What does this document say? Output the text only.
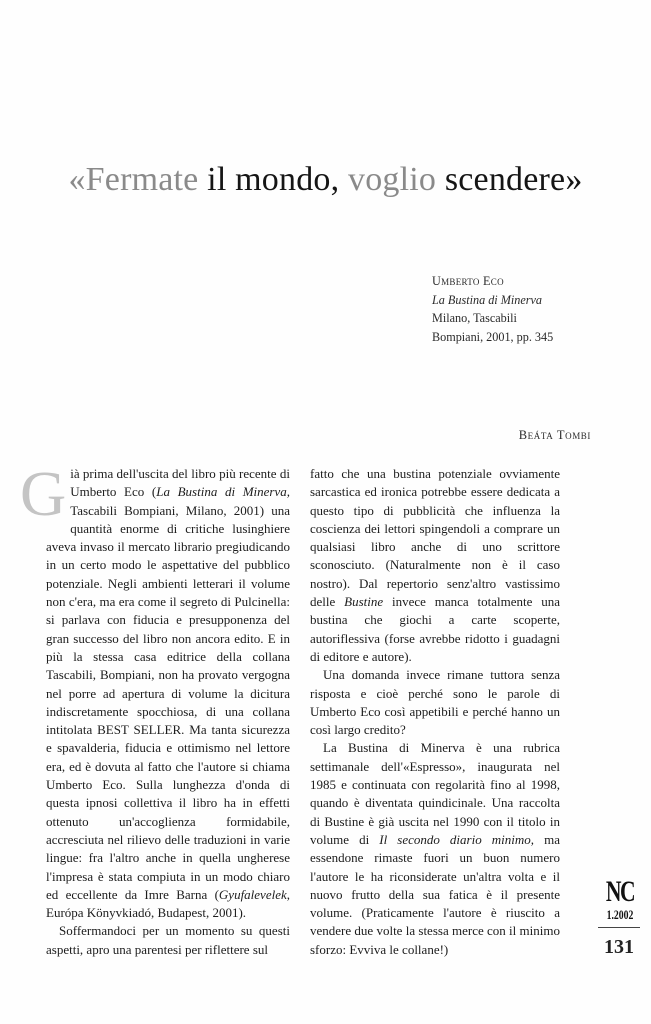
«Fermate il mondo, voglio scendere»
Umberto Eco
La Bustina di Minerva
Milano, Tascabili
Bompiani, 2001, pp. 345
Beáta Tombi

Già prima dell'uscita del libro più recente di Umberto Eco (La Bustina di Minerva, Tascabili Bompiani, Milano, 2001) una quantità enorme di critiche lusinghiere aveva invaso il mercato librario pregiudicando in un certo modo le aspettative del pubblico potenziale. Negli ambienti letterari il volume non c'era, ma era come il segreto di Pulcinella: si parlava con fiducia e presupponenza del gran successo del libro non ancora edito. E in più la stessa casa editrice della collana Tascabili, Bompiani, non ha provato vergogna nel porre ad apertura di volume la dicitura indiscretamente spocchiosa, di una collana intitolata BEST SELLER. Ma tanta sicurezza e spavalderia, fiducia e ottimismo nel lettore era, ed è dovuta al fatto che l'autore si chiama Umberto Eco. Sulla lunghezza d'onda di questa ipnosi collettiva il libro ha in effetti ottenuto un'accoglienza formidabile, accresciuta nel rilievo delle traduzioni in varie lingue: fra l'altro anche in quella ungherese l'impresa è stata compiuta in un modo chiaro ed eccellente da Imre Barna (Gyufalevelek, Európa Könyvkiadó, Budapest, 2001).

Soffermandoci per un momento su questi aspetti, apro una parentesi per riflettere sul

fatto che una bustina potenziale ovviamente sarcastica ed ironica potrebbe essere dedicata a questo tipo di pubblicità che influenza la coscienza dei lettori spingendoli a comprare un qualsiasi libro anche di uno scrittore sconosciuto. (Naturalmente non è il caso nostro). Dal repertorio senz'altro vastissimo delle Bustine invece manca totalmente una bustina che giochi a carte scoperte, autoriflessiva (forse avrebbe ridotto i guadagni di editore e autore).

Una domanda invece rimane tuttora senza risposta e cioè perché sono le parole di Umberto Eco così appetibili e perché hanno un così largo credito?

La Bustina di Minerva è una rubrica settimanale dell'«Espresso», inaugurata nel 1985 e continuata con regolarità fino al 1998, quando è diventata quindicinale. Una raccolta di Bustine è già uscita nel 1990 con il titolo in volume di Il secondo diario minimo, ma essendone rimaste fuori un buon numero l'autore le ha riconsiderate un'altra volta e il nuovo frutto della sua fatica è il presente volume. (Praticamente l'autore è riuscito a vendere due volte la stessa merce con il minimo sforzo: Evviva le collane!)

NC
1.2002
131
